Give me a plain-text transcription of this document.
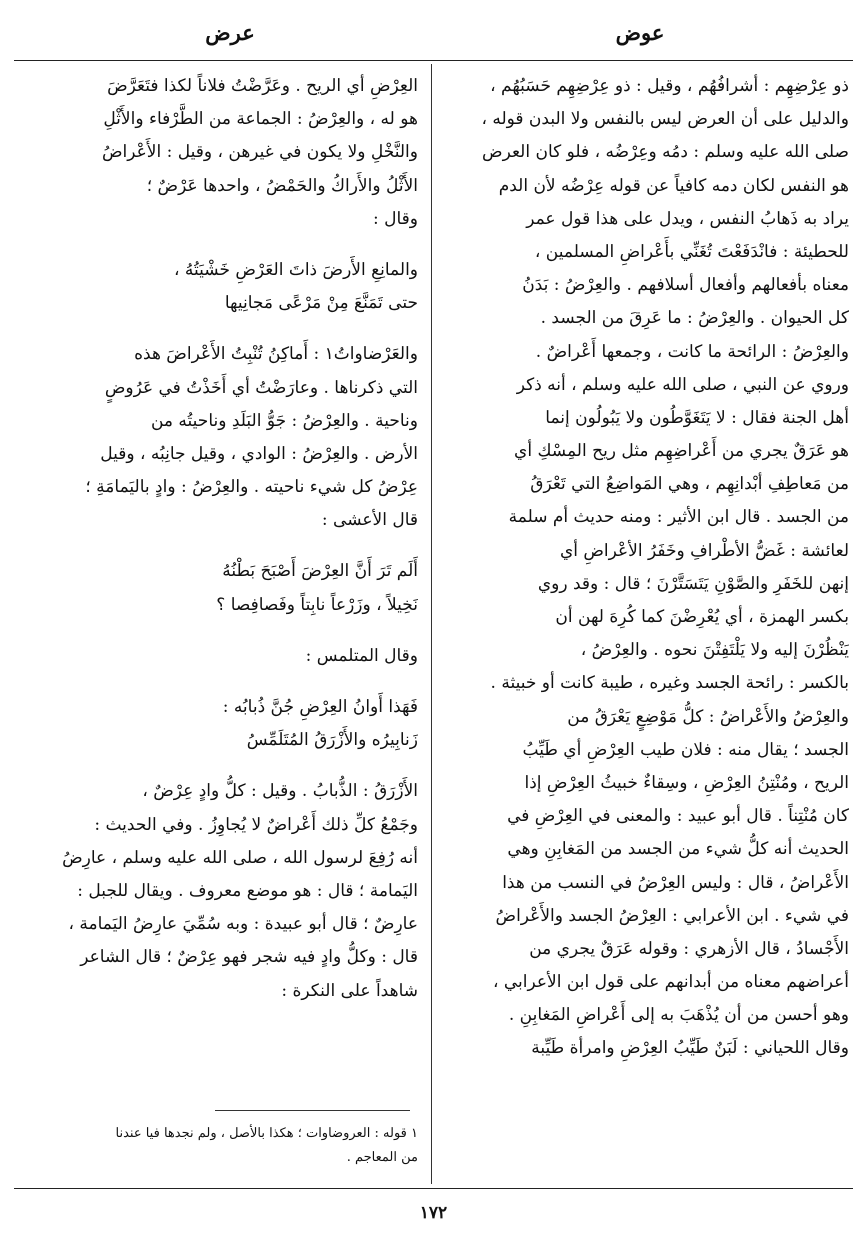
عوض
عرض
ذو عِرْضِهِم : أشرافُهُم ، وقيل : ذو عِرْضِهِم حَسَبُهُم ،
والدليل على أن العرض ليس بالنفس ولا البدن قوله ،
صلى الله عليه وسلم : دمُه وعِرْضُه ، فلو كان العرض
هو النفس لكان دمه كافياً عن قوله عِرْضُه لأن الدم
يراد به ذَهابُ النفس ، ويدل على هذا قول عمر
للحطيئة : فانْدَفَعْتَ تُغَنِّي بأَعْراضِ المسلمين ،
معناه بأفعالهم وأفعال أسلافهم . والعِرْضُ : بَدَنُ
كل الحيوان . والعِرْضُ : ما عَرِقَ من الجسد .
والعِرْضُ : الرائحة ما كانت ، وجمعها أَعْراضٌ .
وروي عن النبي ، صلى الله عليه وسلم ، أنه ذكر
أهل الجنة فقال : لا يَتَغَوَّطُون ولا يَبُولُون إنما
هو عَرَقٌ يجري من أَعْراضِهِم مثل ريح المِسْكِ أي
من مَعاطِفِ أبْدانِهِم ، وهي المَواضِعُ التي تَعْرَقُ
من الجسد . قال ابن الأثير : ومنه حديث أم سلمة
لعائشة : غَضُّ الأطْرافِ وخَفَرُ الأعْراضِ أي
إنهن للخَفَرِ والصَّوْنِ يَتَسَتَّرْنَ ؛ قال : وقد روي
بكسر الهمزة ، أي يُعْرِضْنَ كما كُرِهَ لهن أن
يَنْظُرْنَ إليه ولا يَلْتَفِتْنَ نحوه . والعِرْضُ ،
بالكسر : رائحة الجسد وغيره ، طيبة كانت أو خبيثة .
والعِرْضُ والأَعْراضُ : كلُّ مَوْضِعٍ يَعْرَقُ من
الجسد ؛ يقال منه : فلان طيب العِرْضِ أي طَيِّبُ
الريح ، ومُنْتِنُ العِرْضِ ، وسِقاءٌ خبيثُ العِرْضِ إذا
كان مُنْتِناً . قال أبو عبيد : والمعنى في العِرْضِ في
الحديث أنه كلُّ شيء من الجسد من المَغابِنِ وهي
الأَعْراضُ ، قال : وليس العِرْضُ في النسب من هذا
في شيء . ابن الأعرابي : العِرْضُ الجسد والأَعْراضُ
الأَجْسادُ ، قال الأزهري : وقوله عَرَقٌ يجري من
أعراضهم معناه من أبدانهم على قول ابن الأعرابي ،
وهو أحسن من أن يُذْهَبَ به إلى أَعْراضِ المَغابِنِ .
وقال اللحياني : لَبَنٌ طَيِّبُ العِرْضِ وامرأة طَيِّبة
العِرْضِ أي الريح . وعَرَّضْتُ فلاناً لكذا فتَعَرَّضَ
هو له ، والعِرْضُ : الجماعة من الطَّرْفاء والأَثْلِ
والنَّخْلِ ولا يكون في غيرهن ، وقيل : الأَعْراضُ
الأَثْلُ والأَراكُ والحَمْضُ ، واحدها عَرْضٌ ؛
وقال :
والمانِعِ الأَرضَ ذاتَ العَرْضِ خَشْيَتُهُ ،
حتى تَمَنَّعَ مِنْ مَرْعًى مَجانِيها
والعَرْضاواتُ١ : أَماكِنُ تُنْبِتُ الأَعْراضَ هذه
التي ذكرناها . وعارَضْتُ أي أَخَذْتُ في عَرُوضٍ
وناحية . والعِرْضُ : جَوُّ البَلَدِ وناحيتُه من
الأرض . والعِرْضُ : الوادي ، وقيل جانِبُه ، وقيل
عِرْضُ كل شيء ناحيته . والعِرْضُ : وادٍ باليَمامَةِ ؛
قال الأعشى :
أَلَم تَرَ أَنَّ العِرْضَ أَصْبَحَ بَطْنُهُ
نَخِيلاً ، وزَرْعاً نابِتاً وفَصافِصا ؟
وقال المتلمس :
فَهَذا أَوانُ العِرْضِ جُنَّ ذُبابُه :
زَنابِيرُه والأَزْرَقُ المُتَلَمِّسُ
الأَزْرَقُ : الذُّبابُ . وقيل : كلُّ وادٍ عِرْضٌ ،
وجَمْعُ كلِّ ذلك أَعْراضٌ لا يُجاوِزُ . وفي الحديث :
أنه رُفِعَ لرسول الله ، صلى الله عليه وسلم ، عارِضُ
اليَمامة ؛ قال : هو موضع معروف . ويقال للجبل :
عارِضٌ ؛ قال أبو عبيدة : وبه سُمِّيَ عارِضُ اليَمامة ،
قال : وكلُّ وادٍ فيه شجر فهو عِرْضٌ ؛ قال الشاعر
شاهداً على النكرة :
١ قوله : العروضاوات ؛ هكذا بالأصل ، ولم نجدها فيا عندنا
من المعاجم .
١٧٢
